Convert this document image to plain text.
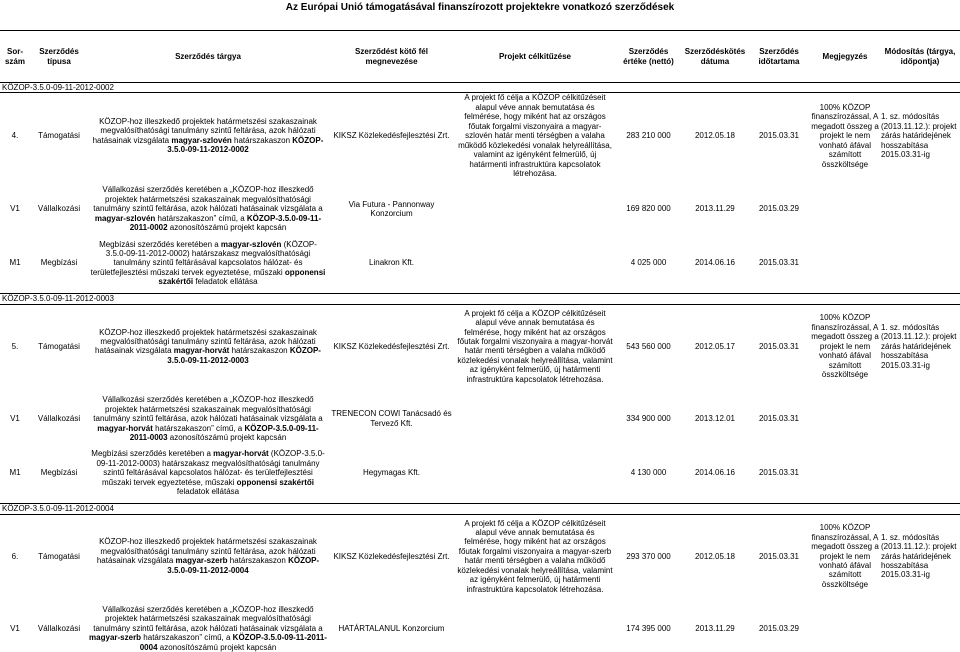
Az Európai Unió támogatásával finanszírozott projektekre vonatkozó szerződések
Sor-szám	Szerződés típusa	Szerződés tárgya	Szerződést kötő fél megnevezése	Projekt célkitűzése	Szerződés értéke (nettó)	Szerződéskötés dátuma	Szerződés időtartama	Megjegyzés	Módosítás (tárgya, időpontja)
KÖZOP-3.5.0-09-11-2012-0002									
4.	Támogatási	KÖZOP-hoz illeszkedő projektek határmetszési szakaszainak megvalósíthatósági tanulmány szintű feltárása, azok hálózati hatásainak vizsgálata magyar-szlovén határszakaszon KÖZOP-3.5.0-09-11-2012-0002	KIKSZ Közlekedésfejlesztési Zrt.	A projekt fő célja a KÖZOP célkitűzéseit alapul véve annak bemutatása és felmérése, hogy miként hat az országos főutak forgalmi viszonyaira a magyar-szlovén határ menti térségben a valaha működő közlekedési vonalak helyreállítása, valamint az igényként felmerülő, új határmenti infrastruktúra kapcsolatok létrehozása.	283 210 000	2012.05.18	2015.03.31	100% KÖZOP finanszírozással, A megadott összeg a projekt le nem vonható áfával számított összköltsége	1. sz. módosítás (2013.11.12.): projekt zárás határidejének hosszabítása 2015.03.31-ig

V1	Vállalkozási	Vállalkozási szerződés keretében a „KÖZOP-hoz illeszkedő projektek határmetszési szakaszainak megvalósíthatósági tanulmány szintű feltárása, azok hálózati hatásainak vizsgálata a magyar-szlovén határszakaszon” című, a KÖZOP-3.5.0-09-11-2011-0002 azonosítószámú projekt kapcsán	Via Futura - Pannonway Konzorcium		169 820 000	2013.11.29	2015.03.29		

M1	Megbízási	Megbízási szerződés keretében a magyar-szlovén (KÖZOP-3.5.0-09-11-2012-0002) határszakasz megvalósíthatósági tanulmány szintű feltárásával kapcsolatos hálózat- és területfejlesztési műszaki tervek egyeztetése, műszaki opponensi szakértői feladatok ellátása	Linakron Kft.		4 025 000	2014.06.16	2015.03.31		

KÖZOP-3.5.0-09-11-2012-0003									
5.	Támogatási	KÖZOP-hoz illeszkedő projektek határmetszési szakaszainak megvalósíthatósági tanulmány szintű feltárása, azok hálózati hatásainak vizsgálata magyar-horvát határszakaszon KÖZOP-3.5.0-09-11-2012-0003	KIKSZ Közlekedésfejlesztési Zrt.	A projekt fő célja a KÖZOP célkitűzéseit alapul véve annak bemutatása és felmérése, hogy miként hat az országos főutak forgalmi viszonyaira a magyar-horvát határ menti térségben a valaha működő közlekedési vonalak helyreállítása, valamint az igényként felmerülő, új határmenti infrastruktúra kapcsolatok létrehozása.	543 560 000	2012.05.17	2015.03.31	100% KÖZOP finanszírozással, A megadott összeg a projekt le nem vonható áfával számított összköltsége	1. sz. módosítás (2013.11.12.): projekt zárás határidejének hosszabítása 2015.03.31-ig

V1	Vállalkozási	Vállalkozási szerződés keretében a „KÖZOP-hoz illeszkedő projektek határmetszési szakaszainak megvalósíthatósági tanulmány szintű feltárása, azok hálózati hatásainak vizsgálata a magyar-horvát határszakaszon” című, a KÖZOP-3.5.0-09-11-2011-0003 azonosítószámú projekt kapcsán	TRENECON COWI Tanácsadó és Tervező Kft.		334 900 000	2013.12.01	2015.03.31		

M1	Megbízási	Megbízási szerződés keretében a magyar-horvát (KÖZOP-3.5.0-09-11-2012-0003) határszakasz megvalósíthatósági tanulmány szintű feltárásával kapcsolatos hálózat- és területfejlesztési műszaki tervek egyeztetése, műszaki opponensi szakértői feladatok ellátása	Hegymagas Kft.		4 130 000	2014.06.16	2015.03.31		

KÖZOP-3.5.0-09-11-2012-0004									
6.	Támogatási	KÖZOP-hoz illeszkedő projektek határmetszési szakaszainak megvalósíthatósági tanulmány szintű feltárása, azok hálózati hatásainak vizsgálata magyar-szerb határszakaszon KÖZOP-3.5.0-09-11-2012-0004	KIKSZ Közlekedésfejlesztési Zrt.	A projekt fő célja a KÖZOP célkitűzéseit alapul véve annak bemutatása és felmérése, hogy miként hat az országos főutak forgalmi viszonyaira a magyar-szerb határ menti térségben a valaha működő közlekedési vonalak helyreállítása, valamint az igényként felmerülő, új határmenti infrastruktúra kapcsolatok létrehozása.	293 370 000	2012.05.18	2015.03.31	100% KÖZOP finanszírozással, A megadott összeg a projekt le nem vonható áfával számított összköltsége	1. sz. módosítás (2013.11.12.): projekt zárás határidejének hosszabítása 2015.03.31-ig

V1	Vállalkozási	Vállalkozási szerződés keretében a „KÖZOP-hoz illeszkedő projektek határmetszési szakaszainak megvalósíthatósági tanulmány szintű feltárása, azok hálózati hatásainak vizsgálata a magyar-szerb határszakaszon” című, a KÖZOP-3.5.0-09-11-2011-0004 azonosítószámú projekt kapcsán	HATÁRTALANUL Konzorcium		174 395 000	2013.11.29	2015.03.29		
